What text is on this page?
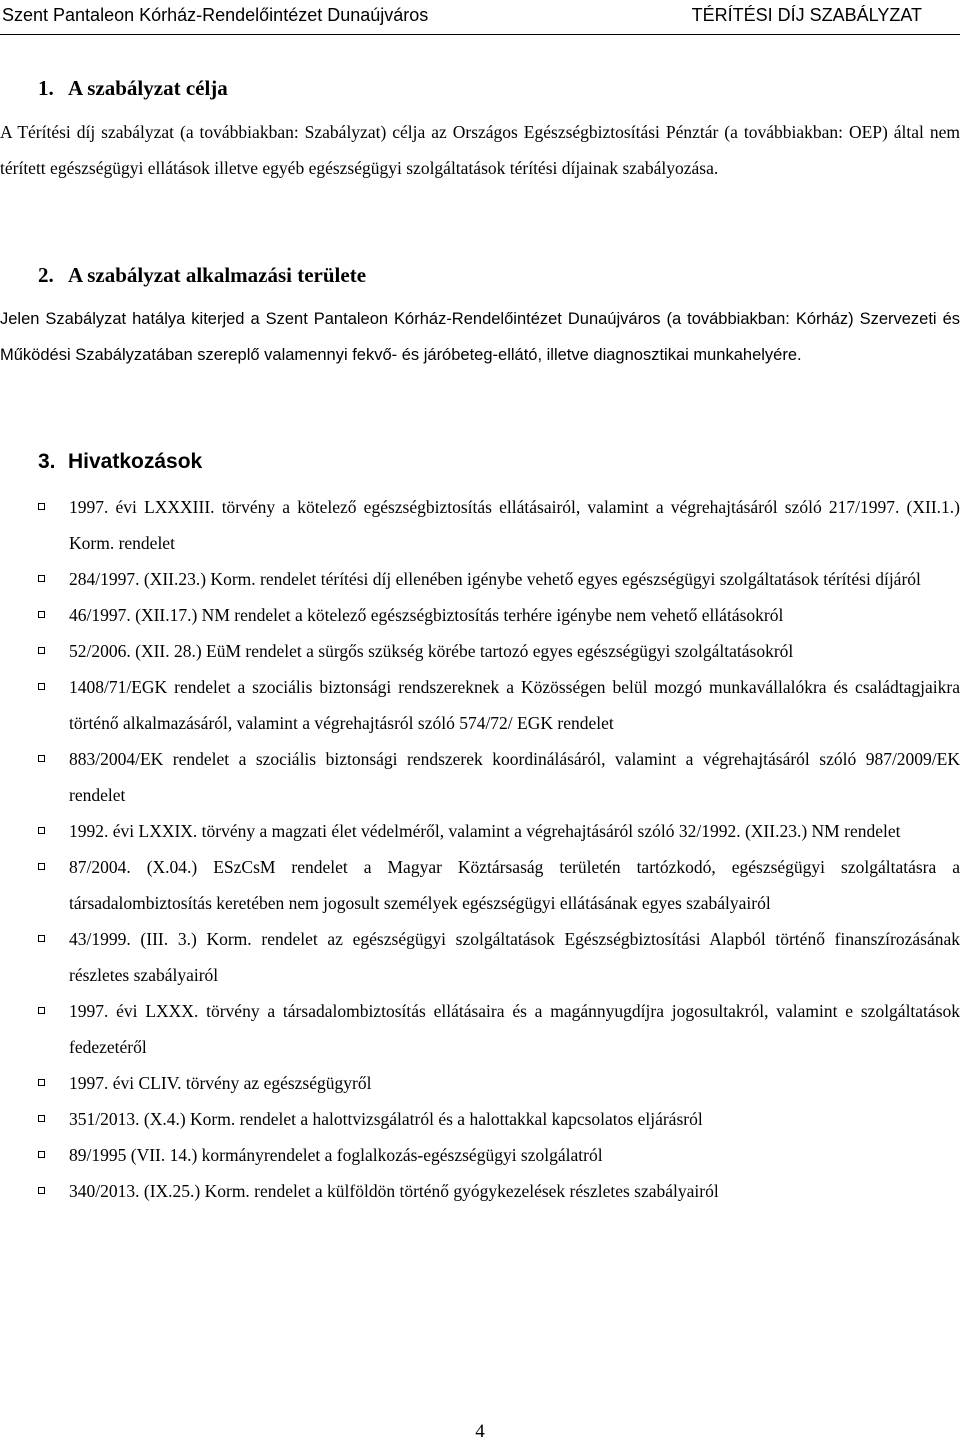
Szent Pantaleon Kórház-Rendelőintézet Dunaújváros	TÉRÍTÉSI DÍJ SZABÁLYZAT
1. A szabályzat célja
A Térítési díj szabályzat (a továbbiakban: Szabályzat) célja az Országos Egészségbiztosítási Pénztár (a továbbiakban: OEP) által nem térített egészségügyi ellátások illetve egyéb egészségügyi szolgáltatások térítési díjainak szabályozása.
2. A szabályzat alkalmazási területe
Jelen Szabályzat hatálya kiterjed a Szent Pantaleon Kórház-Rendelőintézet Dunaújváros (a továbbiakban: Kórház) Szervezeti és Működési Szabályzatában szereplő valamennyi fekvő- és járóbeteg-ellátó, illetve diagnosztikai munkahelyére.
3. Hivatkozások
1997. évi LXXXIII. törvény a kötelező egészségbiztosítás ellátásairól, valamint a végrehajtásáról szóló 217/1997. (XII.1.) Korm. rendelet
284/1997. (XII.23.) Korm. rendelet térítési díj ellenében igénybe vehető egyes egészségügyi szolgáltatások térítési díjáról
46/1997. (XII.17.) NM rendelet a kötelező egészségbiztosítás terhére igénybe nem vehető ellátásokról
52/2006. (XII. 28.) EüM rendelet a sürgős szükség körébe tartozó egyes egészségügyi szolgáltatásokról
1408/71/EGK rendelet a szociális biztonsági rendszereknek a Közösségen belül mozgó munkavállalókra és családtagjaikra történő alkalmazásáról, valamint a végrehajtásról szóló 574/72/ EGK rendelet
883/2004/EK rendelet a szociális biztonsági rendszerek koordinálásáról, valamint a végrehajtásáról szóló 987/2009/EK rendelet
1992. évi LXXIX. törvény a magzati élet védelméről, valamint a végrehajtásáról szóló 32/1992. (XII.23.) NM rendelet
87/2004. (X.04.) ESzCsM rendelet a Magyar Köztársaság területén tartózkodó, egészségügyi szolgáltatásra a társadalombiztosítás keretében nem jogosult személyek egészségügyi ellátásának egyes szabályairól
43/1999. (III. 3.) Korm. rendelet az egészségügyi szolgáltatások Egészségbiztosítási Alapból történő finanszírozásának részletes szabályairól
1997. évi LXXX. törvény a társadalombiztosítás ellátásaira és a magánnyugdíjra jogosultakról, valamint e szolgáltatások fedezetéről
1997. évi CLIV. törvény az egészségügyről
351/2013. (X.4.) Korm. rendelet a halottvizsgálatról és a halottakkal kapcsolatos eljárásról
89/1995 (VII. 14.) kormányrendelet a foglalkozás-egészségügyi szolgálatról
340/2013. (IX.25.) Korm. rendelet a külföldön történő gyógykezelések részletes szabályairól
4
